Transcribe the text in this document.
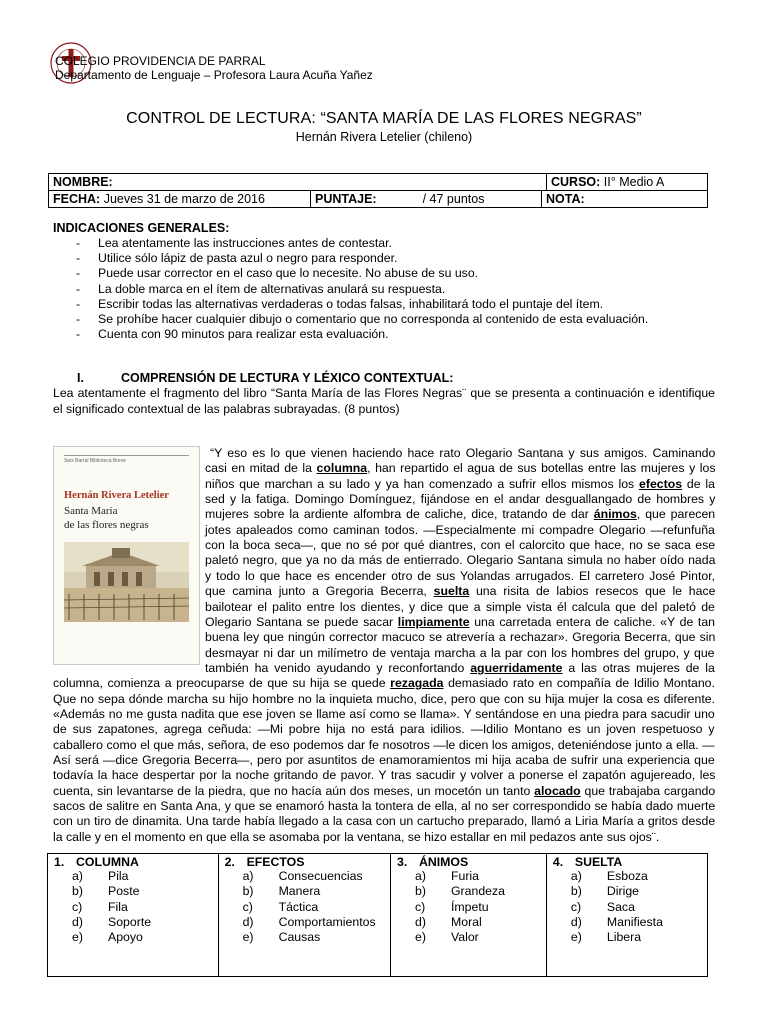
COLEGIO PROVIDENCIA DE PARRAL
Departamento de Lenguaje – Profesora Laura Acuña Yañez
CONTROL DE LECTURA: “SANTA MARÍA DE LAS FLORES NEGRAS”
Hernán Rivera Letelier (chileno)
NOMBRE:			CURSO: II° Medio A
FECHA: Jueves 31 de marzo de 2016	PUNTAJE: / 47 puntos	NOTA:	
INDICACIONES GENERALES:
- Lea atentamente las instrucciones antes de contestar.
- Utilice sólo lápiz de pasta azul o negro para responder.
- Puede usar corrector en el caso que lo necesite. No abuse de su uso.
- La doble marca en el ítem de alternativas anulará su respuesta.
- Escribir todas las alternativas verdaderas o todas falsas, inhabilitará todo el puntaje del ítem.
- Se prohíbe hacer cualquier dibujo o comentario que no corresponda al contenido de esta evaluación.
- Cuenta con 90 minutos para realizar esta evaluación.
I.	COMPRENSIÓN DE LECTURA Y LÉXICO CONTEXTUAL:
Lea atentamente el fragmento del libro “Santa María de las Flores Negras¨ que se presenta a continuación e identifique el significado contextual de las palabras subrayadas. (8 puntos)
Seix Barral Biblioteca Breve
Hernán Rivera Letelier
Santa María
de las flores negras
“Y eso es lo que vienen haciendo hace rato Olegario Santana y sus amigos. Caminando
casi en mitad de la columna, han repartido el agua de sus botellas entre las mujeres y los
niños que marchan a su lado y ya han comenzado a sufrir ellos mismos los efectos de la
sed y la fatiga. Domingo Domínguez, fijándose en el andar desguallangado de hombres y
mujeres sobre la ardiente alfombra de caliche, dice, tratando de dar ánimos, que parecen
jotes apaleados como caminan todos. —Especialmente mi compadre Olegario —refunfuña
con la boca seca—, que no sé por qué diantres, con el calorcito que hace, no se saca ese
paletó negro, que ya no da más de entierrado. Olegario Santana simula no haber oído nada
y todo lo que hace es encender otro de sus Yolandas arrugados. El carretero José Pintor,
que camina junto a Gregoria Becerra, suelta una risita de labios resecos que le hace
bailotear el palito entre los dientes, y dice que a simple vista él calcula que del paletó de
Olegario Santana se puede sacar limpiamente una carretada entera de caliche. «Y de tan
buena ley que ningún corrector macuco se atrevería a rechazar». Gregoria Becerra, que sin
desmayar ni dar un milímetro de ventaja marcha a la par con los hombres del grupo, y que
también ha venido ayudando y reconfortando aguerridamente a las otras mujeres de la
columna, comienza a preocuparse de que su hija se quede rezagada demasiado rato en compañía de Idilio Montano.
Que no sepa dónde marcha su hijo hombre no la inquieta mucho, dice, pero que con su hija mujer la cosa es diferente.
«Además no me gusta nadita que ese joven se llame así como se llama». Y sentándose en una piedra para sacudir uno
de sus zapatones, agrega ceñuda: —Mi pobre hija no está para idilios. —Idilio Montano es un joven respetuoso y
caballero como el que más, señora, de eso podemos dar fe nosotros —le dicen los amigos, deteniéndose junto a ella. —
Así será —dice Gregoria Becerra—, pero por asuntitos de enamoramientos mi hija acaba de sufrir una experiencia que
todavía la hace despertar por la noche gritando de pavor. Y tras sacudir y volver a ponerse el zapatón agujereado, les
cuenta, sin levantarse de la piedra, que no hacía aún dos meses, un mocetón un tanto alocado que trabajaba cargando
sacos de salitre en Santa Ana, y que se enamoró hasta la tontera de ella, al no ser correspondido se había dado muerte
con un tiro de dinamita. Una tarde había llegado a la casa con un cartucho preparado, llamó a Liria María a gritos desde
la calle y en el momento en que ella se asomaba por la ventana, se hizo estallar en mil pedazos ante sus ojos¨.
1. COLUMNA
a) Pila
b) Poste
c) Fila
d) Soporte
e) Apoyo

2. EFECTOS
a) Consecuencias
b) Manera
c) Táctica
d) Comportamientos
e) Causas

3. ÁNIMOS
a) Furia
b) Grandeza
c) Ímpetu
d) Moral
e) Valor

4. SUELTA
a) Esboza
b) Dirige
c) Saca
d) Manifiesta
e) Libera
